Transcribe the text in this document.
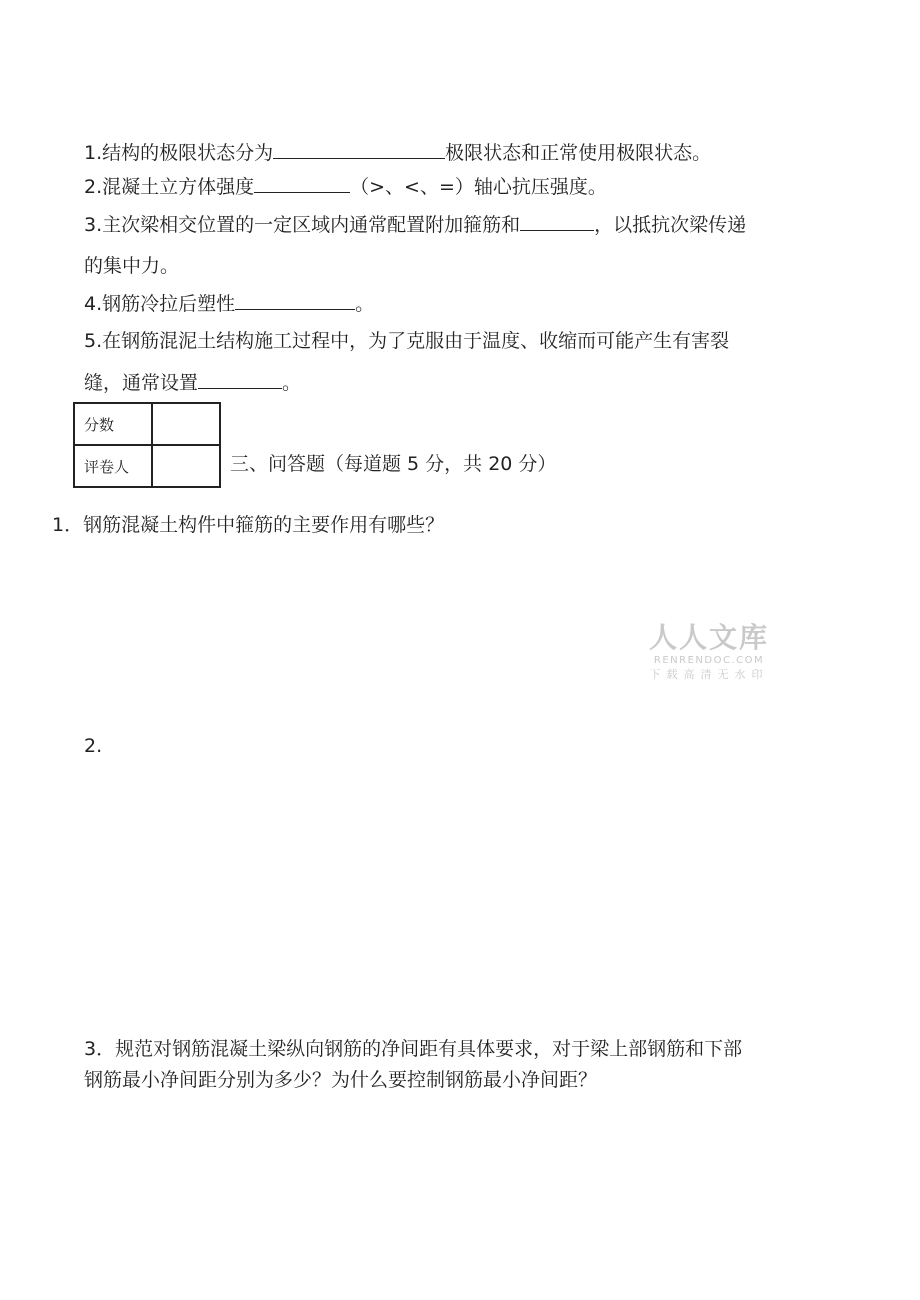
1.结构的极限状态分为	极限状态和正常使用极限状态。
2.混凝土立方体强度	（>、<、=）轴心抗压强度。
3.主次梁相交位置的一定区域内通常配置附加箍筋和	，以抵抗次梁传递
的集中力。
4.钢筋冷拉后塑性	。
5.在钢筋混泥土结构施工过程中，为了克服由于温度、收缩而可能产生有害裂
缝，通常设置	。
分数	
评卷人		三、问答题（每道题 5 分，共 20 分）
1．钢筋混凝土构件中箍筋的主要作用有哪些？
人人文库
RENRENDOC.COM
下载高清无水印
2.
3．规范对钢筋混凝土梁纵向钢筋的净间距有具体要求，对于梁上部钢筋和下部
钢筋最小净间距分别为多少？为什么要控制钢筋最小净间距？
